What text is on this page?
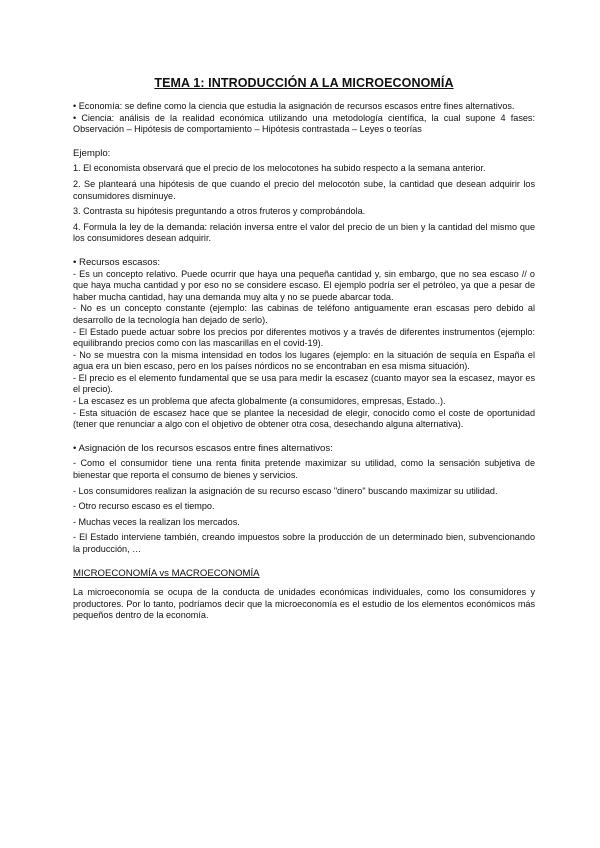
TEMA 1: INTRODUCCIÓN A LA MICROECONOMÍA

• Economía: se define como la ciencia que estudia la asignación de recursos escasos entre fines alternativos.

• Ciencia: análisis de la realidad económica utilizando una metodología científica, la cual supone 4 fases: Observación – Hipótesis de comportamiento – Hipótesis contrastada – Leyes o teorías

Ejemplo:

1. El economista observará que el precio de los melocotones ha subido respecto a la semana anterior.

2. Se planteará una hipótesis de que cuando el precio del melocotón sube, la cantidad que desean adquirir los consumidores disminuye.

3. Contrasta su hipótesis preguntando a otros fruteros y comprobándola.

4. Formula la ley de la demanda: relación inversa entre el valor del precio de un bien y la cantidad del mismo que los consumidores desean adquirir.

• Recursos escasos:

- Es un concepto relativo. Puede ocurrir que haya una pequeña cantidad y, sin embargo, que no sea escaso // o que haya mucha cantidad y por eso no se considere escaso. El ejemplo podría ser el petróleo, ya que a pesar de haber mucha cantidad, hay una demanda muy alta y no se puede abarcar toda.

- No es un concepto constante (ejemplo: las cabinas de teléfono antiguamente eran escasas pero debido al desarrollo de la tecnología han dejado de serlo).

- El Estado puede actuar sobre los precios por diferentes motivos y a través de diferentes instrumentos (ejemplo: equilibrando precios como con las mascarillas en el covid-19).

- No se muestra con la misma intensidad en todos los lugares (ejemplo: en la situación de sequía en España el agua era un bien escaso, pero en los países nórdicos no se encontraban en esa misma situación).

- El precio es el elemento fundamental que se usa para medir la escasez (cuanto mayor sea la escasez, mayor es el precio).

- La escasez es un problema que afecta globalmente (a consumidores, empresas, Estado..).

- Esta situación de escasez hace que se plantee la necesidad de elegir, conocido como el coste de oportunidad (tener que renunciar a algo con el objetivo de obtener otra cosa, desechando alguna alternativa).

• Asignación de los recursos escasos entre fines alternativos:

- Como el consumidor tiene una renta finita pretende maximizar su utilidad, como la sensación subjetiva de bienestar que reporta el consumo de bienes y servicios.

- Los consumidores realizan la asignación de su recurso escaso "dinero" buscando maximizar su utilidad.

- Otro recurso escaso es el tiempo.

- Muchas veces la realizan los mercados.

- El Estado interviene también, creando impuestos sobre la producción de un determinado bien, subvencionando la producción, …

MICROECONOMÍA vs MACROECONOMÍA

La microeconomía se ocupa de la conducta de unidades económicas individuales, como los consumidores y productores. Por lo tanto, podríamos decir que la microeconomía es el estudio de los elementos económicos más pequeños dentro de la economía.
